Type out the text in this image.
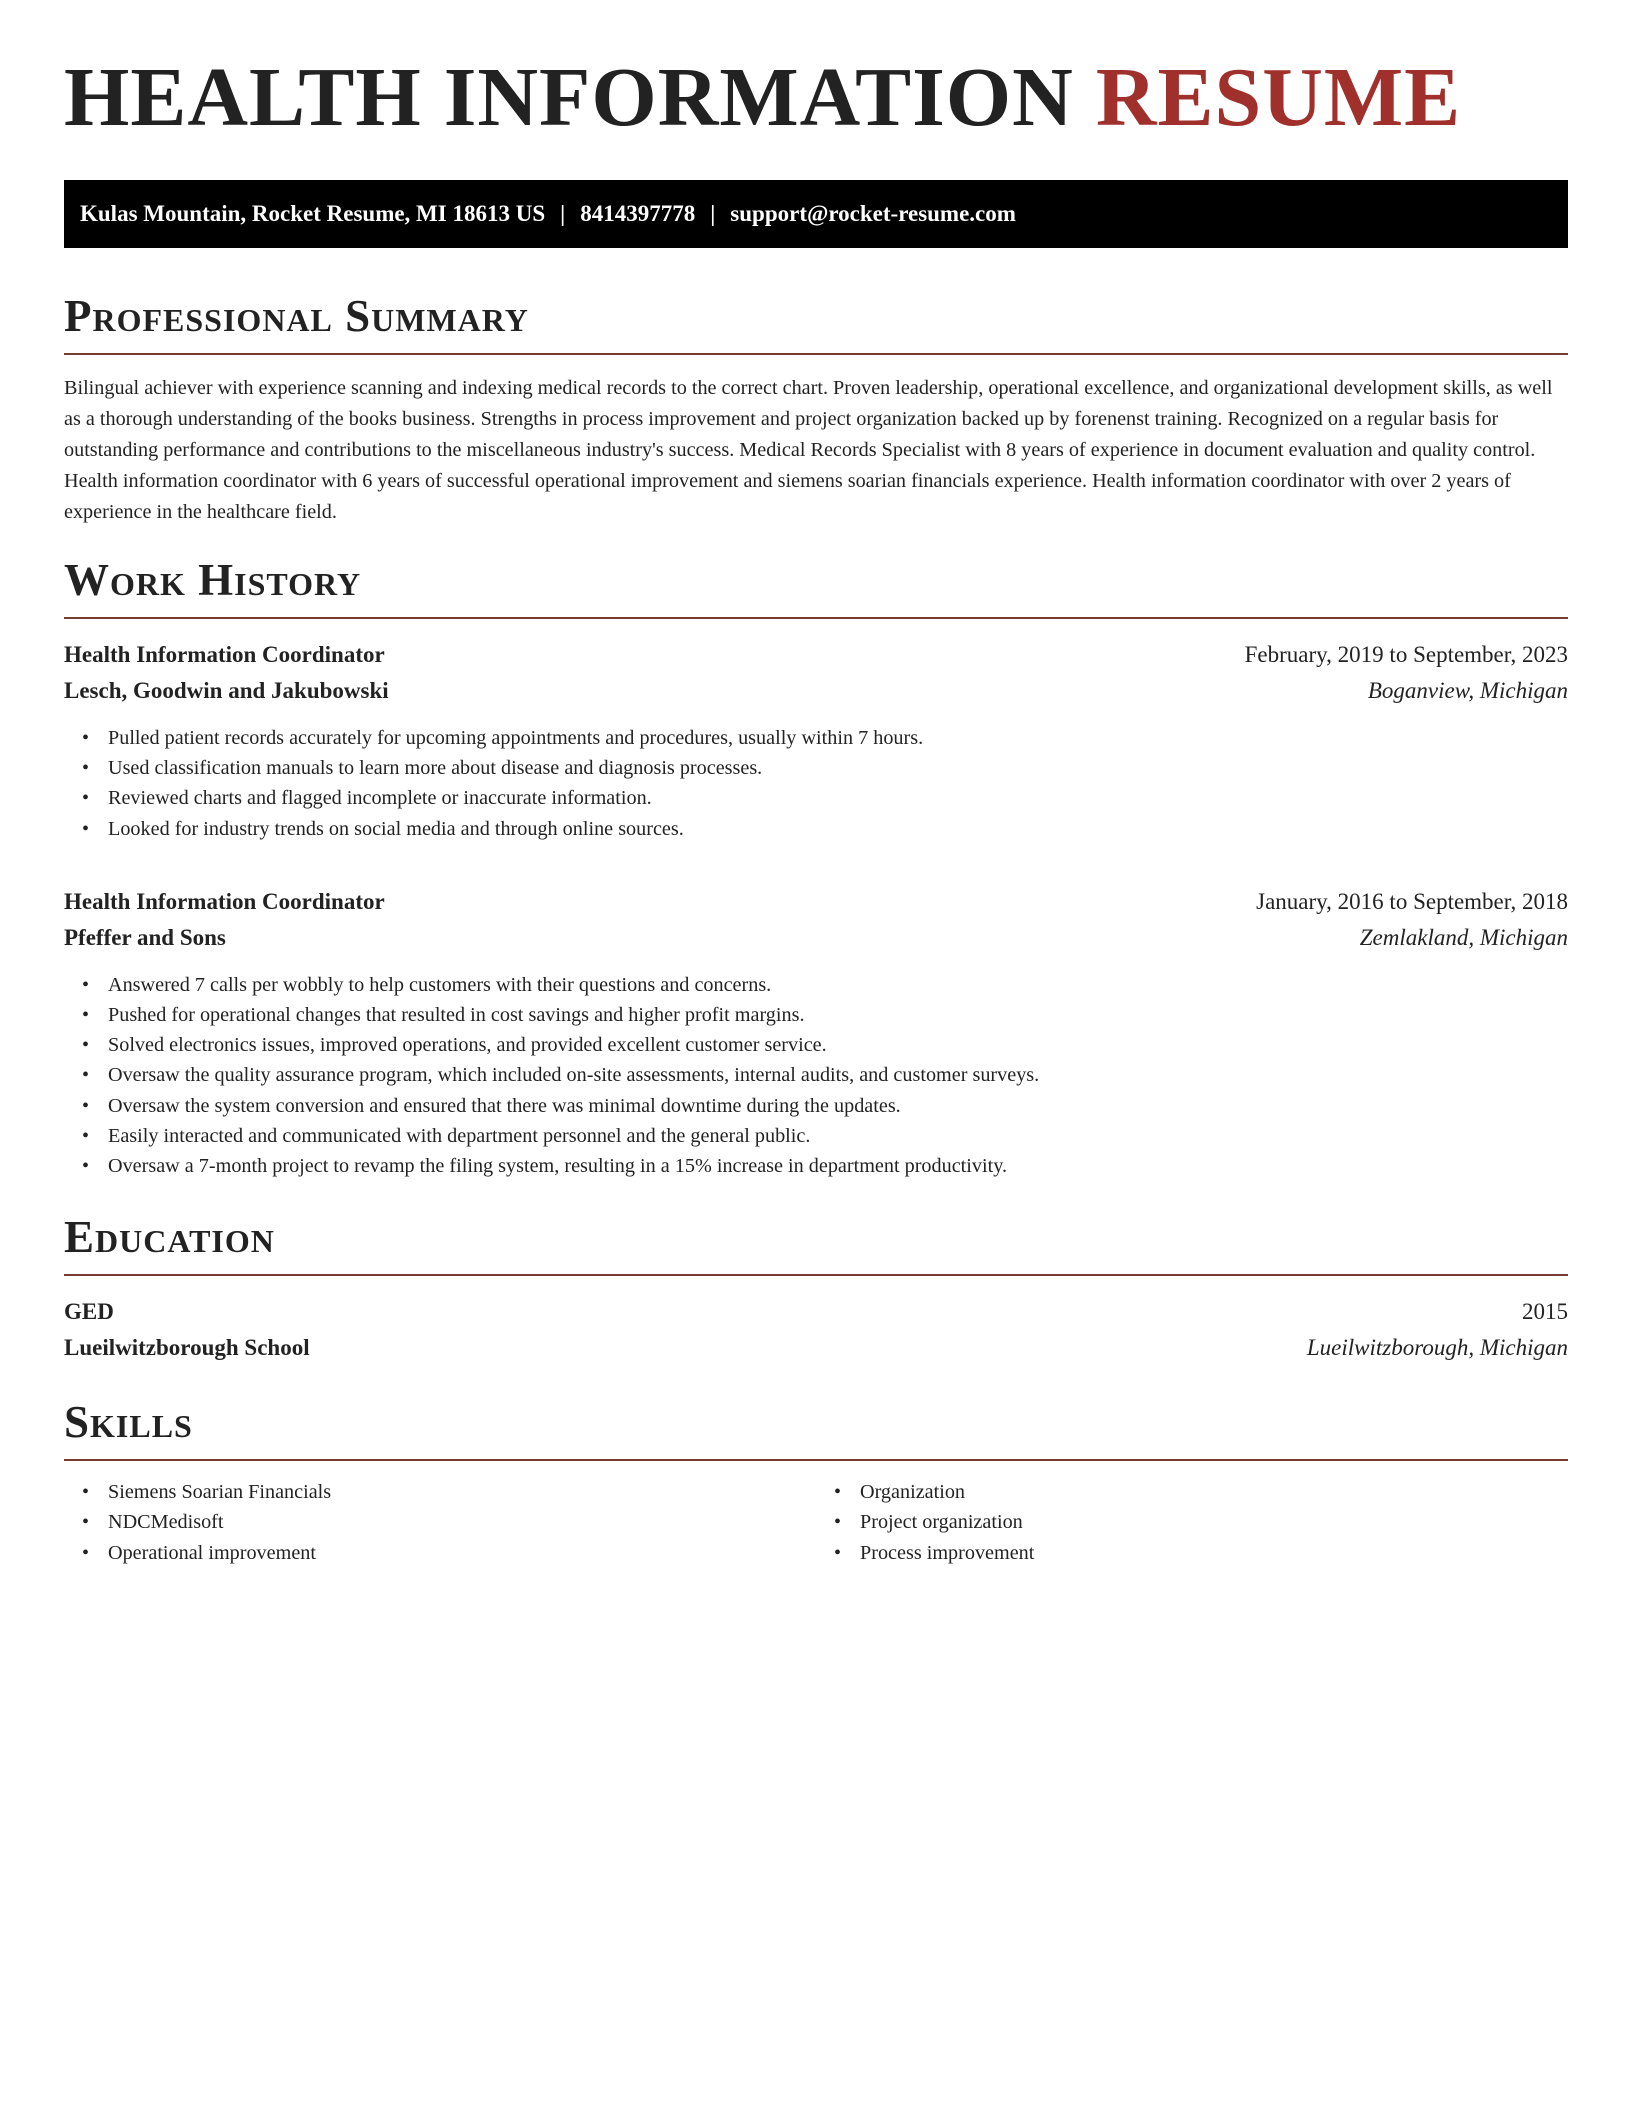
HEALTH INFORMATION RESUME
Kulas Mountain, Rocket Resume, MI 18613 US | 8414397778 | support@rocket-resume.com
Professional Summary

Bilingual achiever with experience scanning and indexing medical records to the correct chart. Proven leadership, operational excellence, and organizational development skills, as well as a thorough understanding of the books business. Strengths in process improvement and project organization backed up by forenenst training. Recognized on a regular basis for outstanding performance and contributions to the miscellaneous industry's success. Medical Records Specialist with 8 years of experience in document evaluation and quality control. Health information coordinator with 6 years of successful operational improvement and siemens soarian financials experience. Health information coordinator with over 2 years of experience in the healthcare field.

Work History
Health Information Coordinator	February, 2019 to September, 2023
Lesch, Goodwin and Jakubowski	Boganview, Michigan
• Pulled patient records accurately for upcoming appointments and procedures, usually within 7 hours.
• Used classification manuals to learn more about disease and diagnosis processes.
• Reviewed charts and flagged incomplete or inaccurate information.
• Looked for industry trends on social media and through online sources.
Health Information Coordinator	January, 2016 to September, 2018
Pfeffer and Sons	Zemlakland, Michigan
• Answered 7 calls per wobbly to help customers with their questions and concerns.
• Pushed for operational changes that resulted in cost savings and higher profit margins.
• Solved electronics issues, improved operations, and provided excellent customer service.
• Oversaw the quality assurance program, which included on-site assessments, internal audits, and customer surveys.
• Oversaw the system conversion and ensured that there was minimal downtime during the updates.
• Easily interacted and communicated with department personnel and the general public.
• Oversaw a 7-month project to revamp the filing system, resulting in a 15% increase in department productivity.
Education
GED	2015
Lueilwitzborough School	Lueilwitzborough, Michigan
Skills
• Siemens Soarian Financials
• NDCMedisoft
• Operational improvement
• Organization
• Project organization
• Process improvement
